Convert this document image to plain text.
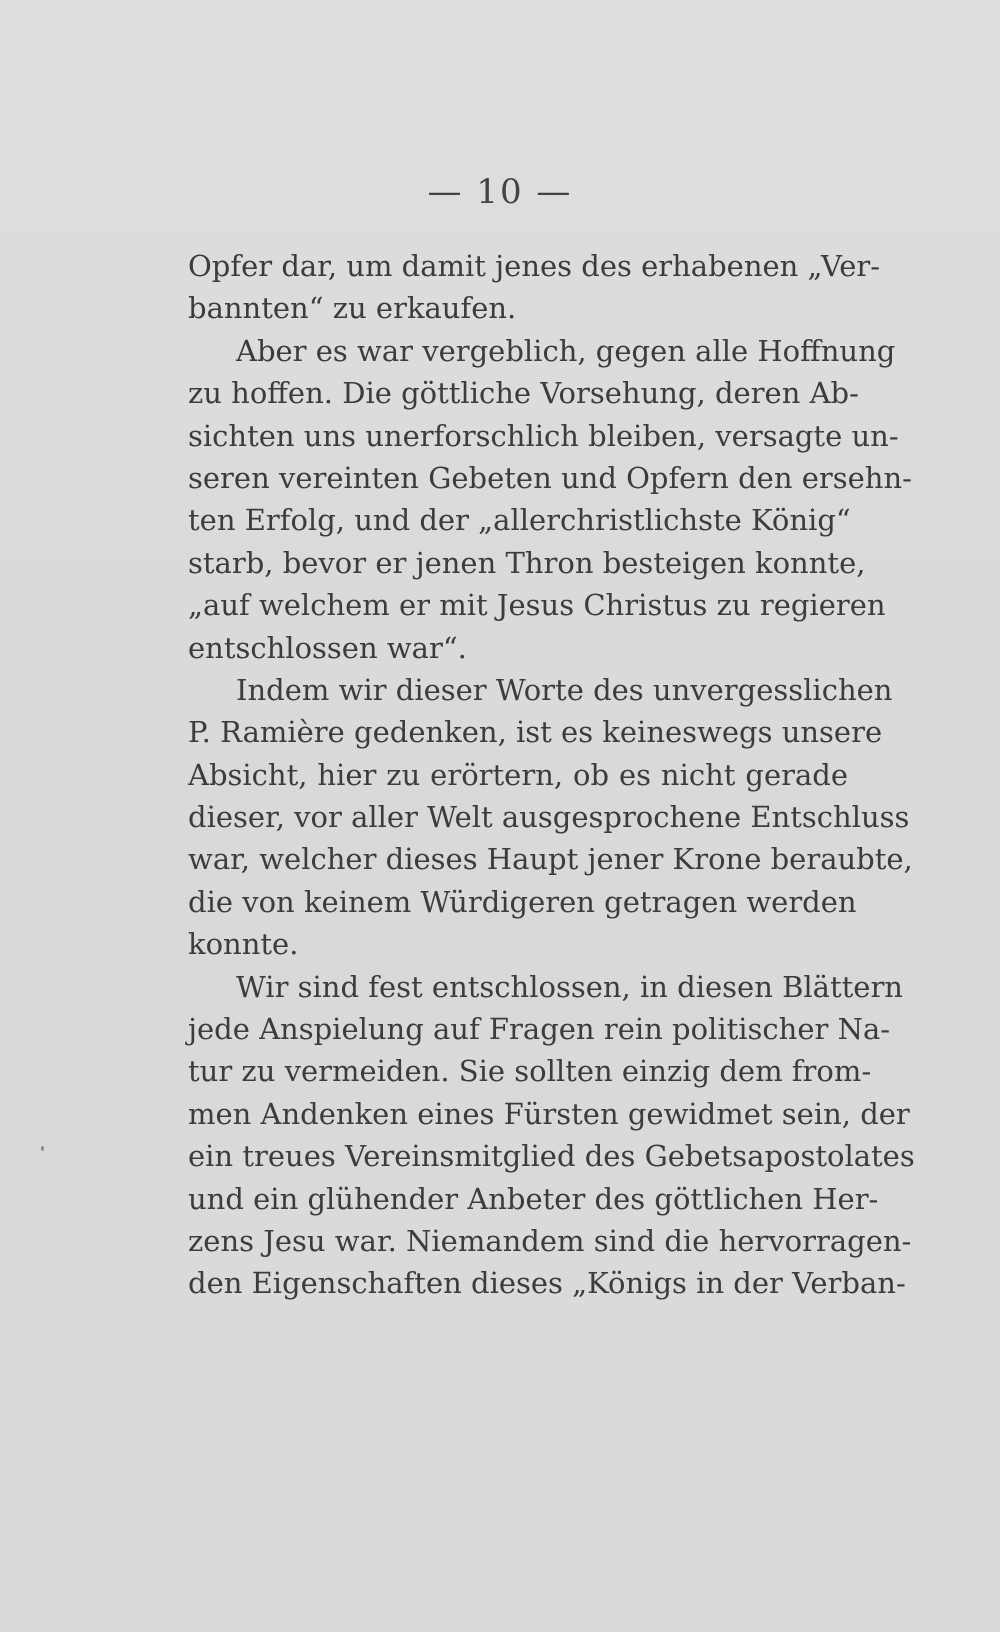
— 10 —
Opfer dar, um damit jenes des erhabenen „Ver-
bannten“ zu erkaufen.
Aber es war vergeblich, gegen alle Hoffnung
zu hoffen. Die göttliche Vorsehung, deren Ab-
sichten uns unerforschlich bleiben, versagte un-
seren vereinten Gebeten und Opfern den ersehn-
ten Erfolg, und der „allerchristlichste König“
starb, bevor er jenen Thron besteigen konnte,
„auf welchem er mit Jesus Christus zu regieren
entschlossen war“.
Indem wir dieser Worte des unvergesslichen
P. Ramière gedenken, ist es keineswegs unsere
Absicht, hier zu erörtern, ob es nicht gerade
dieser, vor aller Welt ausgesprochene Entschluss
war, welcher dieses Haupt jener Krone beraubte,
die von keinem Würdigeren getragen werden
konnte.
Wir sind fest entschlossen, in diesen Blättern
jede Anspielung auf Fragen rein politischer Na-
tur zu vermeiden. Sie sollten einzig dem from-
men Andenken eines Fürsten gewidmet sein, der
ein treues Vereinsmitglied des Gebetsapostolates
und ein glühender Anbeter des göttlichen Her-
zens Jesu war. Niemandem sind die hervorragen-
den Eigenschaften dieses „Königs in der Verban-
